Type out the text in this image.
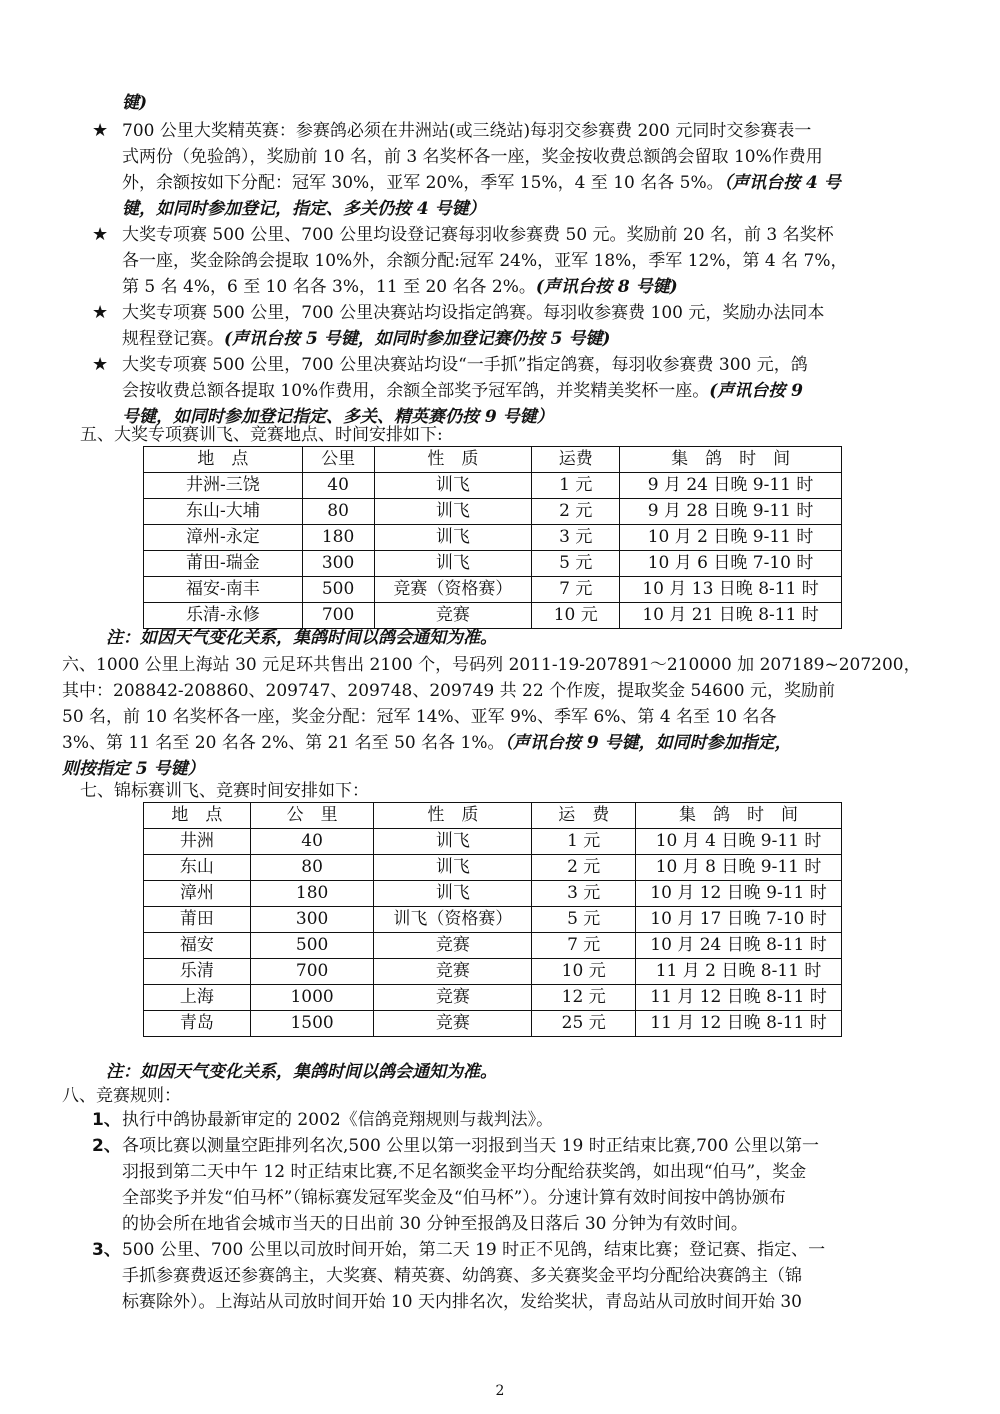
键)
★ 700 公里大奖精英赛：参赛鸽必须在井洲站(或三绕站)每羽交参赛费 200 元同时交参赛表一
式两份（免验鸽），奖励前 10 名，前 3 名奖杯各一座，奖金按收费总额鸽会留取 10%作费用
外，余额按如下分配：冠军 30%，亚军 20%，季军 15%，4 至 10 名各 5%。（声讯台按 4 号
键，如同时参加登记，指定、多关仍按 4 号键）
★ 大奖专项赛 500 公里、700 公里均设登记赛每羽收参赛费 50 元。奖励前 20 名，前 3 名奖杯
各一座，奖金除鸽会提取 10%外，余额分配:冠军 24%，亚军 18%，季军 12%，第 4 名 7%，
第 5 名 4%，6 至 10 名各 3%，11 至 20 名各 2%。(声讯台按 8 号键)
★ 大奖专项赛 500 公里，700 公里决赛站均设指定鸽赛。每羽收参赛费 100 元，奖励办法同本
规程登记赛。(声讯台按 5 号键，如同时参加登记赛仍按 5 号键)
★ 大奖专项赛 500 公里，700 公里决赛站均设“一手抓”指定鸽赛，每羽收参赛费 300 元，鸽
会按收费总额各提取 10%作费用，余额全部奖予冠军鸽，并奖精美奖杯一座。(声讯台按 9
号键，如同时参加登记指定、多关、精英赛仍按 9 号键）
五、大奖专项赛训飞、竞赛地点、时间安排如下:
地　点	公里	性　质	运费	集　鸽　时　间
井洲-三饶	40	训飞	1 元	9 月 24 日晚 9-11 时
东山-大埔	80	训飞	2 元	9 月 28 日晚 9-11 时
漳州-永定	180	训飞	3 元	10 月 2 日晚 9-11 时
莆田-瑞金	300	训飞	5 元	10 月 6 日晚 7-10 时
福安-南丰	500	竞赛（资格赛）	7 元	10 月 13 日晚 8-11 时
乐清-永修	700	竞赛	10 元	10 月 21 日晚 8-11 时
注：如因天气变化关系，集鸽时间以鸽会通知为准。
六、1000 公里上海站 30 元足环共售出 2100 个，号码列 2011-19-207891～210000 加 207189~207200，
其中：208842-208860、209747、209748、209749 共 22 个作废，提取奖金 54600 元，奖励前
50 名，前 10 名奖杯各一座，奖金分配：冠军 14%、亚军 9%、季军 6%、第 4 名至 10 名各
3%、第 11 名至 20 名各 2%、第 21 名至 50 名各 1%。（声讯台按 9 号键，如同时参加指定，
则按指定 5 号键）
七、锦标赛训飞、竞赛时间安排如下：
地　点	公　里	性　质	运　费	集　鸽　时　间
井洲	40	训飞	1 元	10 月 4 日晚 9-11 时
东山	80	训飞	2 元	10 月 8 日晚 9-11 时
漳州	180	训飞	3 元	10 月 12 日晚 9-11 时
莆田	300	训飞（资格赛）	5 元	10 月 17 日晚 7-10 时
福安	500	竞赛	7 元	10 月 24 日晚 8-11 时
乐清	700	竞赛	10 元	11 月 2 日晚 8-11 时
上海	1000	竞赛	12 元	11 月 12 日晚 8-11 时
青岛	1500	竞赛	25 元	11 月 12 日晚 8-11 时
注：如因天气变化关系，集鸽时间以鸽会通知为准。
八、竞赛规则：
1、 执行中鸽协最新审定的 2002《信鸽竞翔规则与裁判法》。
2、 各项比赛以测量空距排列名次,500 公里以第一羽报到当天 19 时正结束比赛,700 公里以第一
羽报到第二天中午 12 时正结束比赛,不足名额奖金平均分配给获奖鸽，如出现“伯马”，奖金
全部奖予并发“伯马杯”（锦标赛发冠军奖金及“伯马杯”）。分速计算有效时间按中鸽协颁布
的协会所在地省会城市当天的日出前 30 分钟至报鸽及日落后 30 分钟为有效时间。
3、 500 公里、700 公里以司放时间开始，第二天 19 时正不见鸽，结束比赛；登记赛、指定、一
手抓参赛费返还参赛鸽主，大奖赛、精英赛、幼鸽赛、多关赛奖金平均分配给决赛鸽主（锦
标赛除外）。上海站从司放时间开始 10 天内排名次，发给奖状，青岛站从司放时间开始 30
2
